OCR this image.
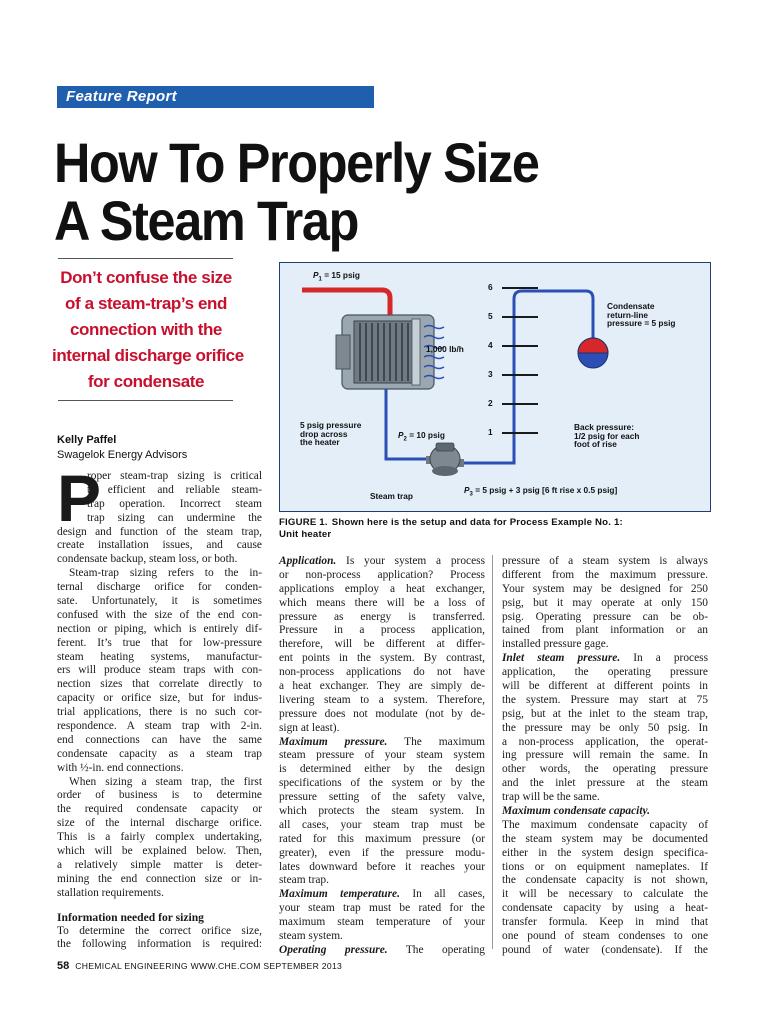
Feature Report
How To Properly Size
A Steam Trap
Don’t confuse the size
of a steam-trap’s end
connection with the
internal discharge orifice
for condensate
Kelly Paffel
Swagelok Energy Advisors
P
roper steam-trap sizing is critical
to efficient and reliable steam-
trap operation. Incorrect steam
trap sizing can undermine the
design and function of the steam trap,
create installation issues, and cause
condensate backup, steam loss, or both.
Steam-trap sizing refers to the in-
ternal discharge orifice for conden-
sate. Unfortunately, it is sometimes
confused with the size of the end con-
nection or piping, which is entirely dif-
ferent. It’s true that for low-pressure
steam heating systems, manufactur-
ers will produce steam traps with con-
nection sizes that correlate directly to
capacity or orifice size, but for indus-
trial applications, there is no such cor-
respondence. A steam trap with 2-in.
end connections can have the same
condensate capacity as a steam trap
with ½-in. end connections.
When sizing a steam trap, the first
order of business is to determine
the required condensate capacity or
size of the internal discharge orifice.
This is a fairly complex undertaking,
which will be explained below. Then,
a relatively simple matter is deter-
mining the end connection size or in-
stallation requirements.
Information needed for sizing
To determine the correct orifice size,
the following information is required:
Application. Is your system a process
or non-process application? Process
applications employ a heat exchanger,
which means there will be a loss of
pressure as energy is transferred.
Pressure in a process application,
therefore, will be different at differ-
ent points in the system. By contrast,
non-process applications do not have
a heat exchanger. They are simply de-
livering steam to a system. Therefore,
pressure does not modulate (not by de-
sign at least).
Maximum pressure. The maximum
steam pressure of your steam system
is determined either by the design
specifications of the system or by the
pressure setting of the safety valve,
which protects the steam system. In
all cases, your steam trap must be
rated for this maximum pressure (or
greater), even if the pressure modu-
lates downward before it reaches your
steam trap.
Maximum temperature. In all cases,
your steam trap must be rated for the
maximum steam temperature of your
steam system.
Operating pressure. The operating
pressure of a steam system is always
different from the maximum pressure.
Your system may be designed for 250
psig, but it may operate at only 150
psig. Operating pressure can be ob-
tained from plant information or an
installed pressure gage.
Inlet steam pressure. In a process
application, the operating pressure
will be different at different points in
the system. Pressure may start at 75
psig, but at the inlet to the steam trap,
the pressure may be only 50 psig. In
a non-process application, the operat-
ing pressure will remain the same. In
other words, the operating pressure
and the inlet pressure at the steam
trap will be the same.
Maximum condensate capacity.
The maximum condensate capacity of
the steam system may be documented
either in the system design specifica-
tions or on equipment nameplates. If
the condensate capacity is not shown,
it will be necessary to calculate the
condensate capacity by using a heat-
transfer formula. Keep in mind that
one pound of steam condenses to one
pound of water (condensate). If the
$P_1 = 15$ psig
1,000 lb/h
5 psig pressure
drop across
the heater
$P_2 = 10$ psig
Steam trap
$P_3 = 5$ psig + 3 psig [6 ft rise x 0.5 psig]
Condensate
return-line
pressure = 5 psig
Back pressure:
1/2 psig for each
foot of rise
1
2
3
4
5
6
FIGURE 1. Shown here is the setup and data for Process Example No. 1:
Unit heater
58 CHEMICAL ENGINEERING WWW.CHE.COM SEPTEMBER 2013
